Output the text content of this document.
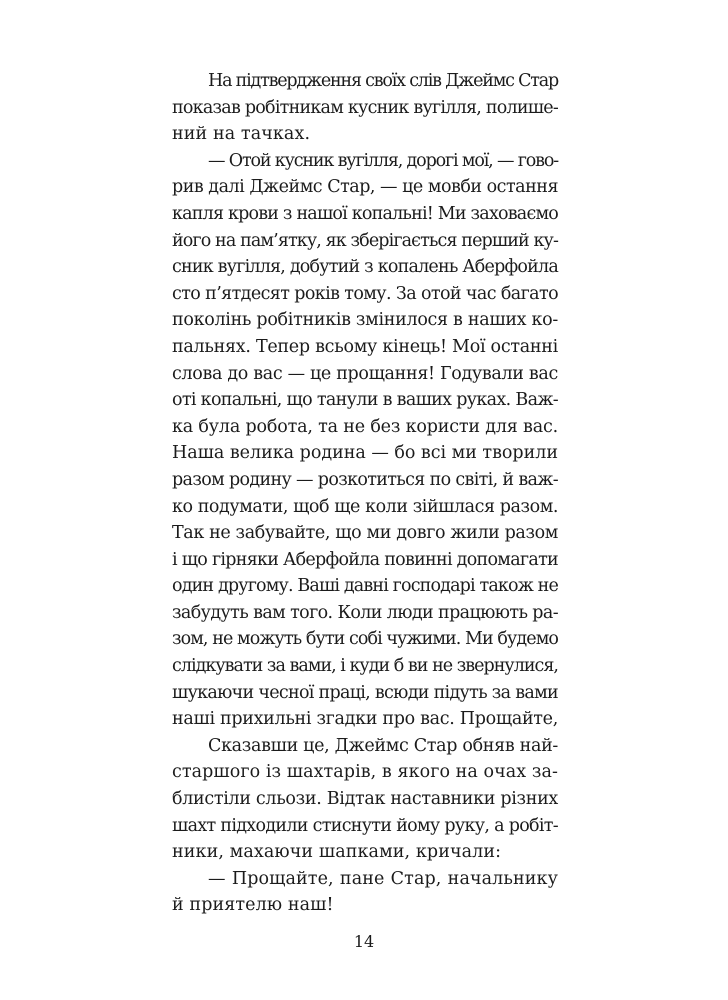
На підтвердження своїх слів Джеймс Стар
показав робітникам кусник вугілля, полише-
ний на тачках.
— Отой кусник вугілля, дорогі мої, — гово-
рив далі Джеймс Стар, — це мовби остання
капля крови з нашої копальні! Ми заховаємо
його на пам’ятку, як зберігається перший ку-
сник вугілля, добутий з копалень Аберфойла
сто п’ятдесят років тому. За отой час багато
поколінь робітників змінилося в наших ко-
пальнях. Тепер всьому кінець! Мої останні
слова до вас — це прощання! Годували вас
оті копальні, що танули в ваших руках. Важ-
ка була робота, та не без користи для вас.
Наша велика родина — бо всі ми творили
разом родину — розкотиться по світі, й важ-
ко подумати, щоб ще коли зійшлася разом.
Так не забувайте, що ми довго жили разом
і що гірняки Аберфойла повинні допомагати
один другому. Ваші давні господарі також не
забудуть вам того. Коли люди працюють ра-
зом, не можуть бути собі чужими. Ми будемо
слідкувати за вами, і куди б ви не звернулися,
шукаючи чесної праці, всюди підуть за вами
наші прихильні згадки про вас. Прощайте,
Сказавши це, Джеймс Стар обняв най-
старшого із шахтарів, в якого на очах за-
блистіли сльози. Відтак наставники різних
шахт підходили стиснути йому руку, а робіт-
ники, махаючи шапками, кричали:
— Прощайте, пане Стар, начальнику
й приятелю наш!
14
